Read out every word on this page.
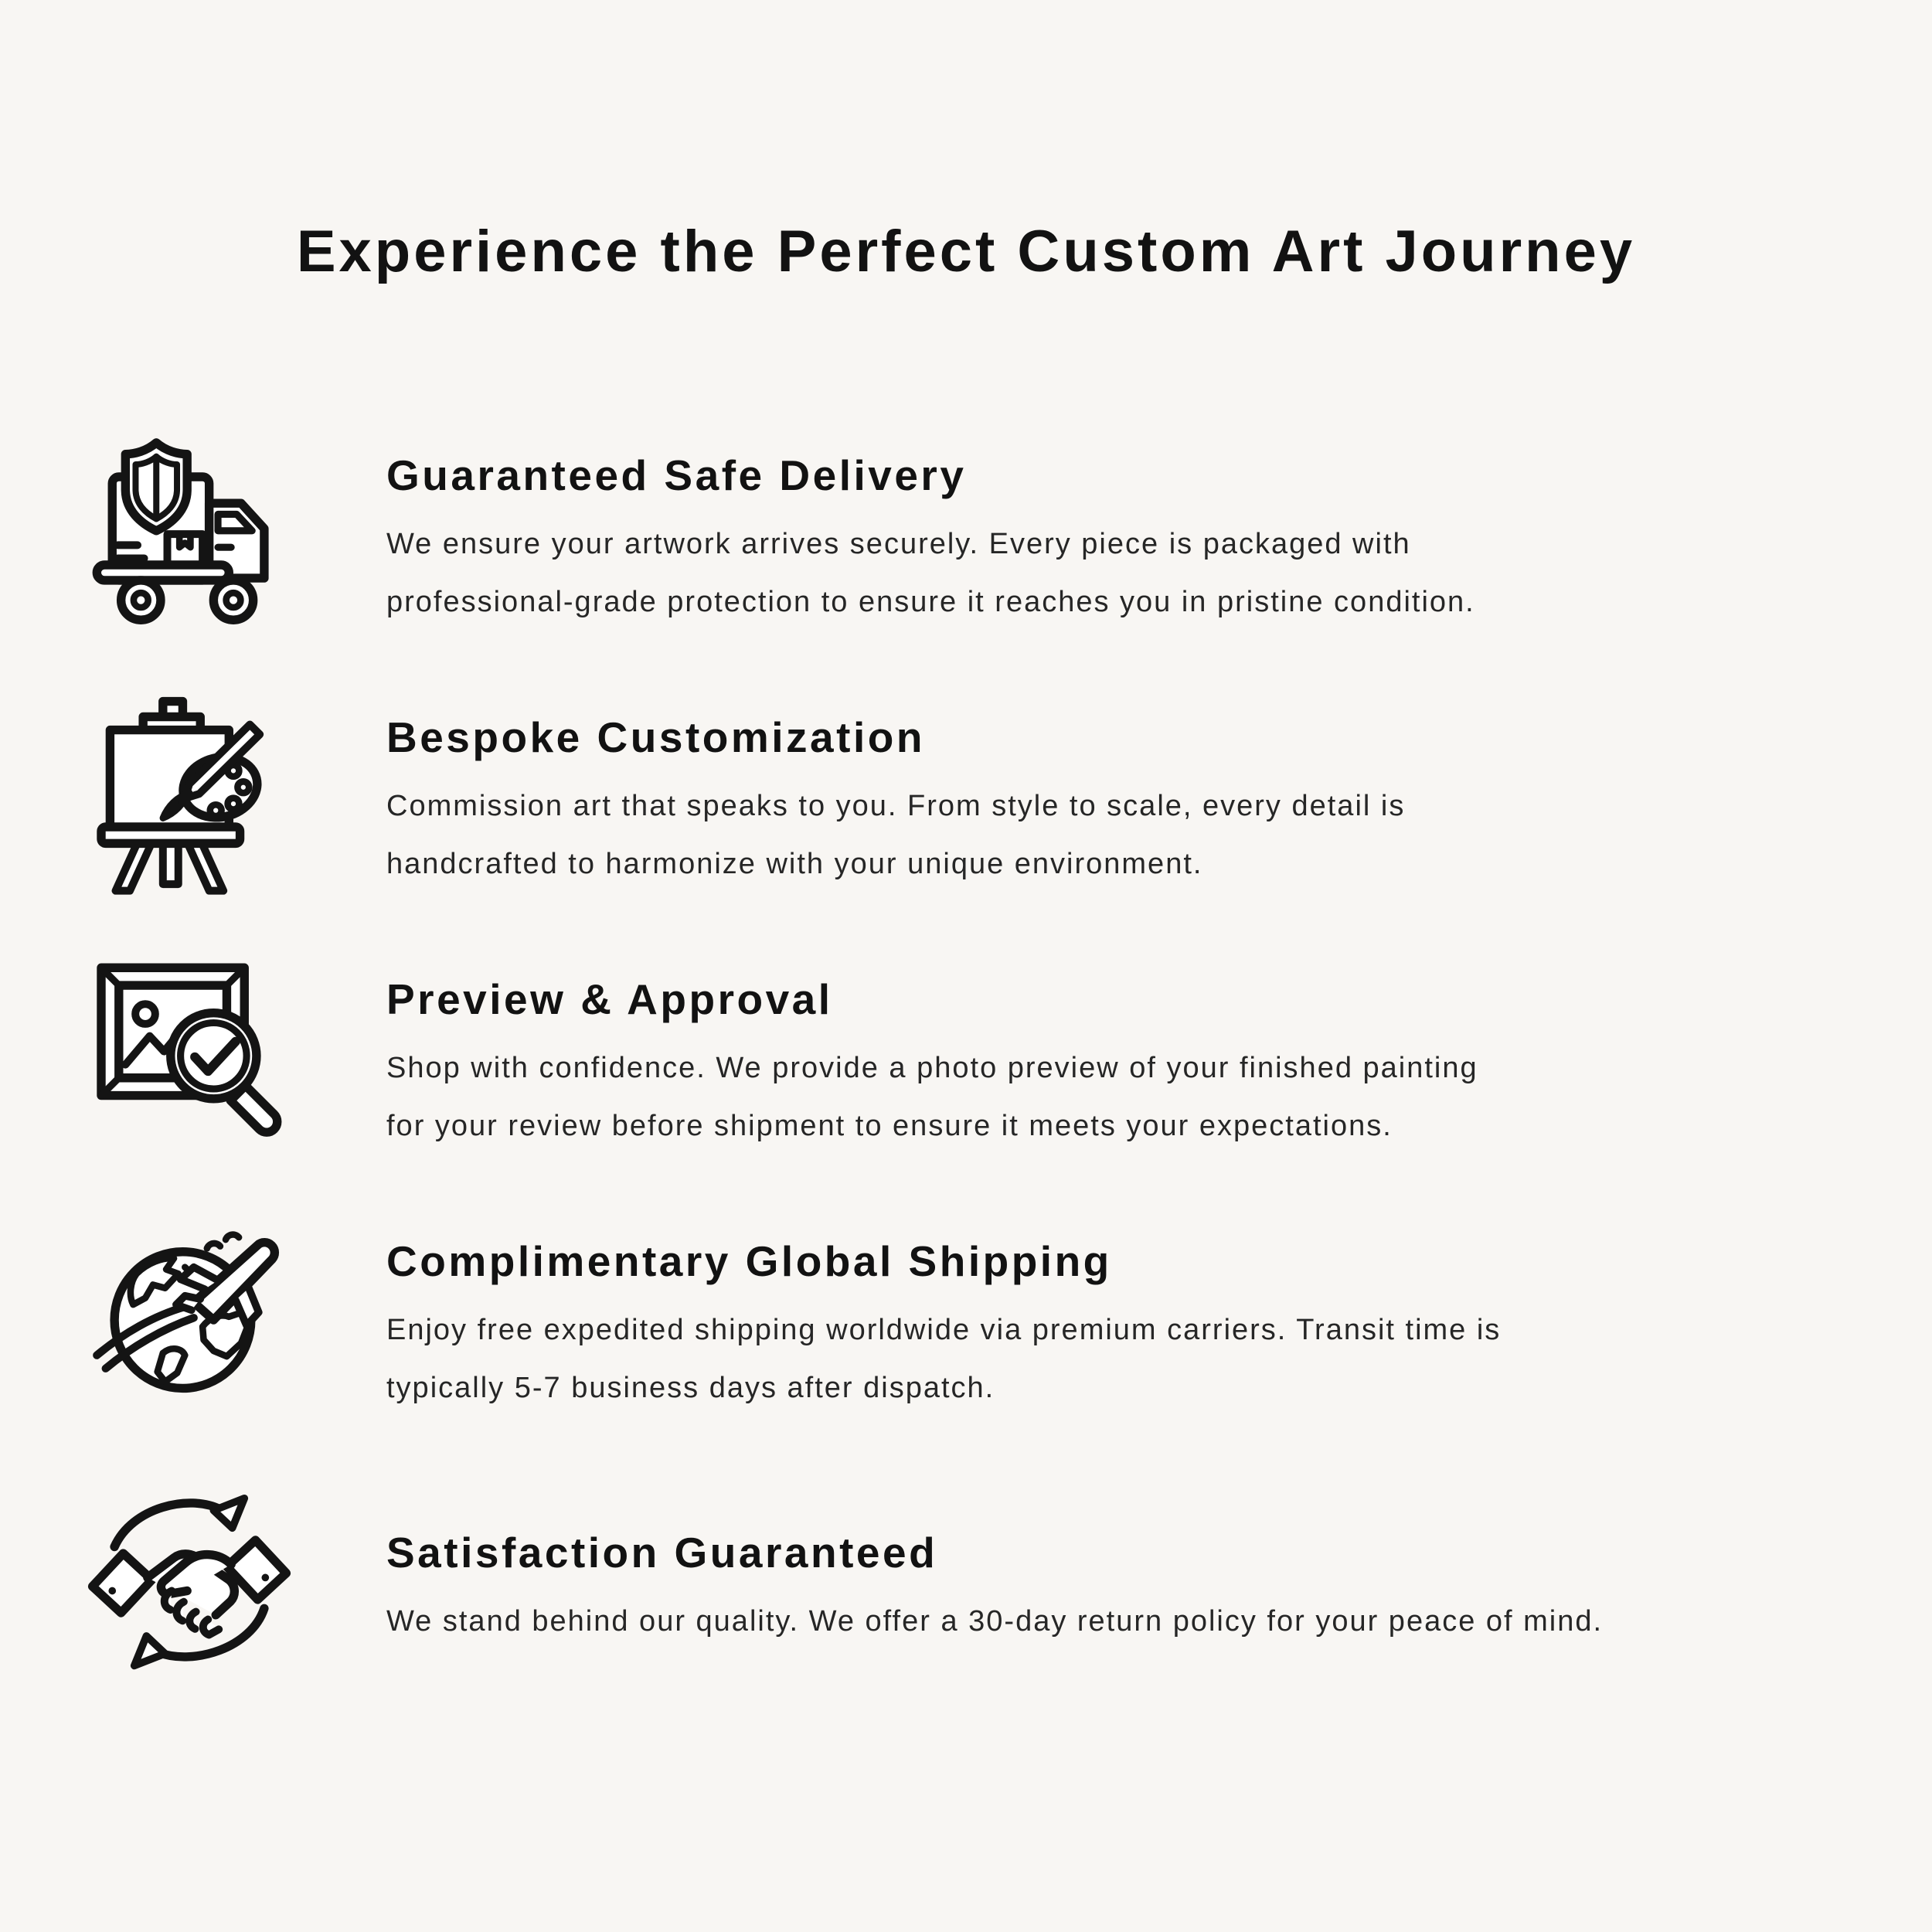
Experience the Perfect Custom Art Journey
Guaranteed Safe Delivery

We ensure your artwork arrives securely. Every piece is packaged with

professional-grade protection to ensure it reaches you in pristine condition.

Bespoke Customization

Commission art that speaks to you. From style to scale, every detail is

handcrafted to harmonize with your unique environment.

Preview & Approval

Shop with confidence. We provide a photo preview of your finished painting

for your review before shipment to ensure it meets your expectations.

Complimentary Global Shipping

Enjoy free expedited shipping worldwide via premium carriers. Transit time is

typically 5-7 business days after dispatch.

Satisfaction Guaranteed

We stand behind our quality. We offer a 30-day return policy for your peace of mind.
